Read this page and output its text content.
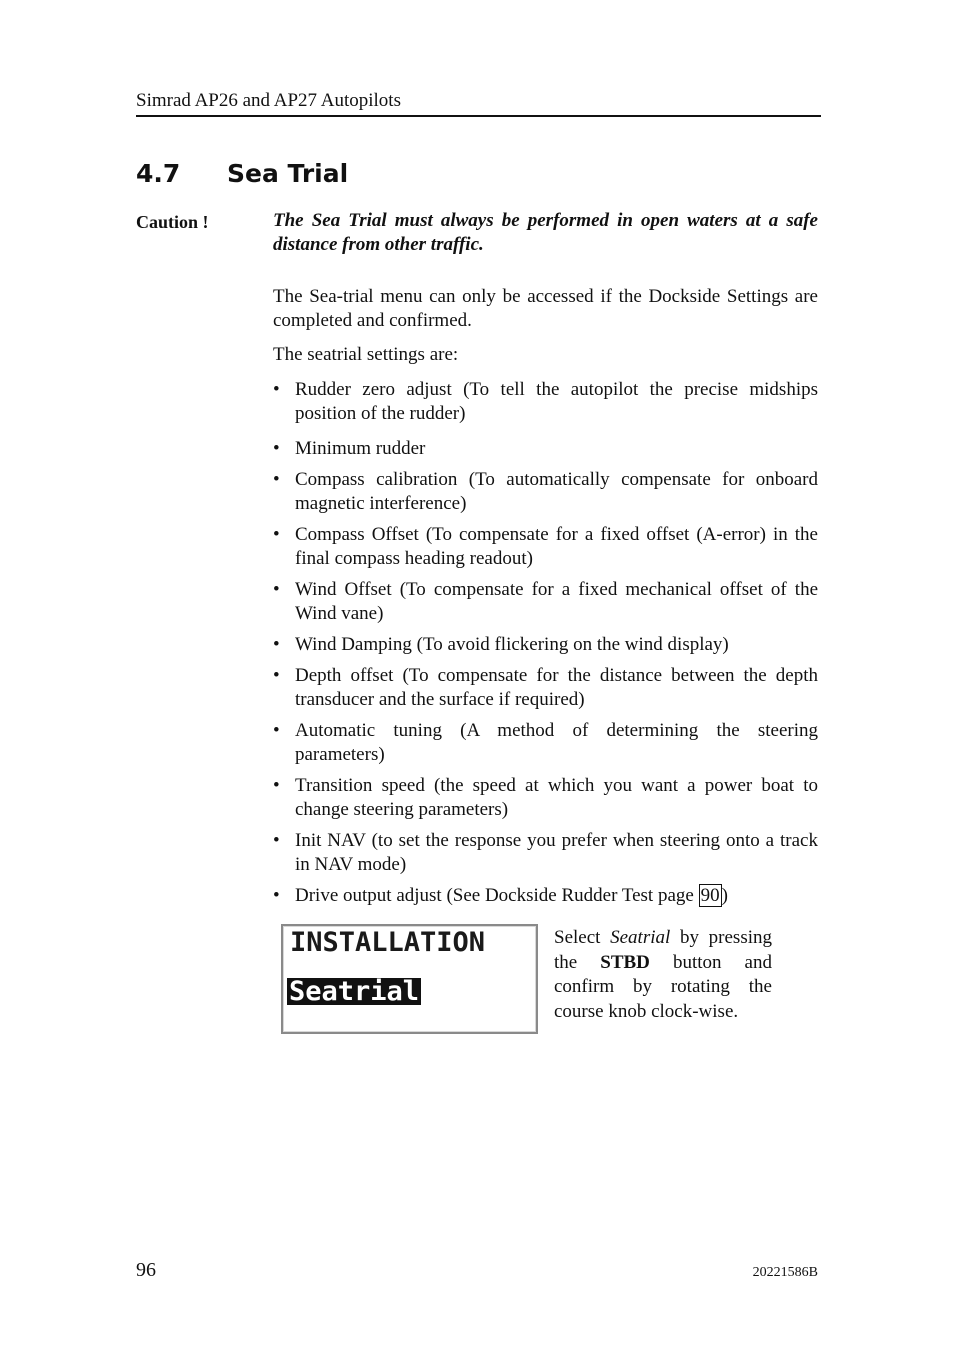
Simrad AP26 and AP27 Autopilots
4.7 Sea Trial
Caution !	The Sea Trial must always be performed in open waters at a safe distance from other traffic.

The Sea-trial menu can only be accessed if the Dockside Settings are completed and confirmed.

The seatrial settings are:

• Rudder zero adjust (To tell the autopilot the precise midships position of the rudder)
• Minimum rudder
• Compass calibration (To automatically compensate for onboard magnetic interference)
• Compass Offset (To compensate for a fixed offset (A-error) in the final compass heading readout)
• Wind Offset (To compensate for a fixed mechanical offset of the Wind vane)
• Wind Damping (To avoid flickering on the wind display)
• Depth offset (To compensate for the distance between the depth transducer and the surface if required)
• Automatic tuning (A method of determining the steering parameters)
• Transition speed (the speed at which you want a power boat to change steering parameters)
• Init NAV (to set the response you prefer when steering onto a track in NAV mode)
• Drive output adjust (See Dockside Rudder Test page 90 )
INSTALLATION
Seatrial

Select Seatrial by pressing the STBD button and confirm by rotating the course knob clock-wise.

96	20221586B
